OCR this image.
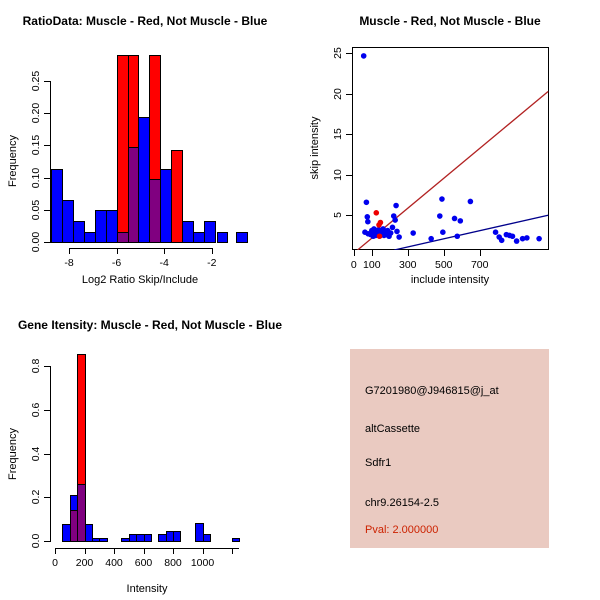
RatioData: Muscle - Red, Not Muscle - Blue
Log2 Ratio Skip/Include
Frequency
0.00
0.05
0.10
0.15
0.20
0.25
-8	-6	-4	-2
Muscle - Red, Not Muscle - Blue
include intensity
skip intensity
0 100 300 500 700
5
10
15
20
25
Gene Itensity: Muscle - Red, Not Muscle - Blue
Intensity
Frequency
0.0
0.2
0.4
0.6
0.8
0 200 400 600 800 1000
G7201980@J946815@j_at
altCassette
Sdfr1
chr9.26154-2.5
Pval: 2.000000
